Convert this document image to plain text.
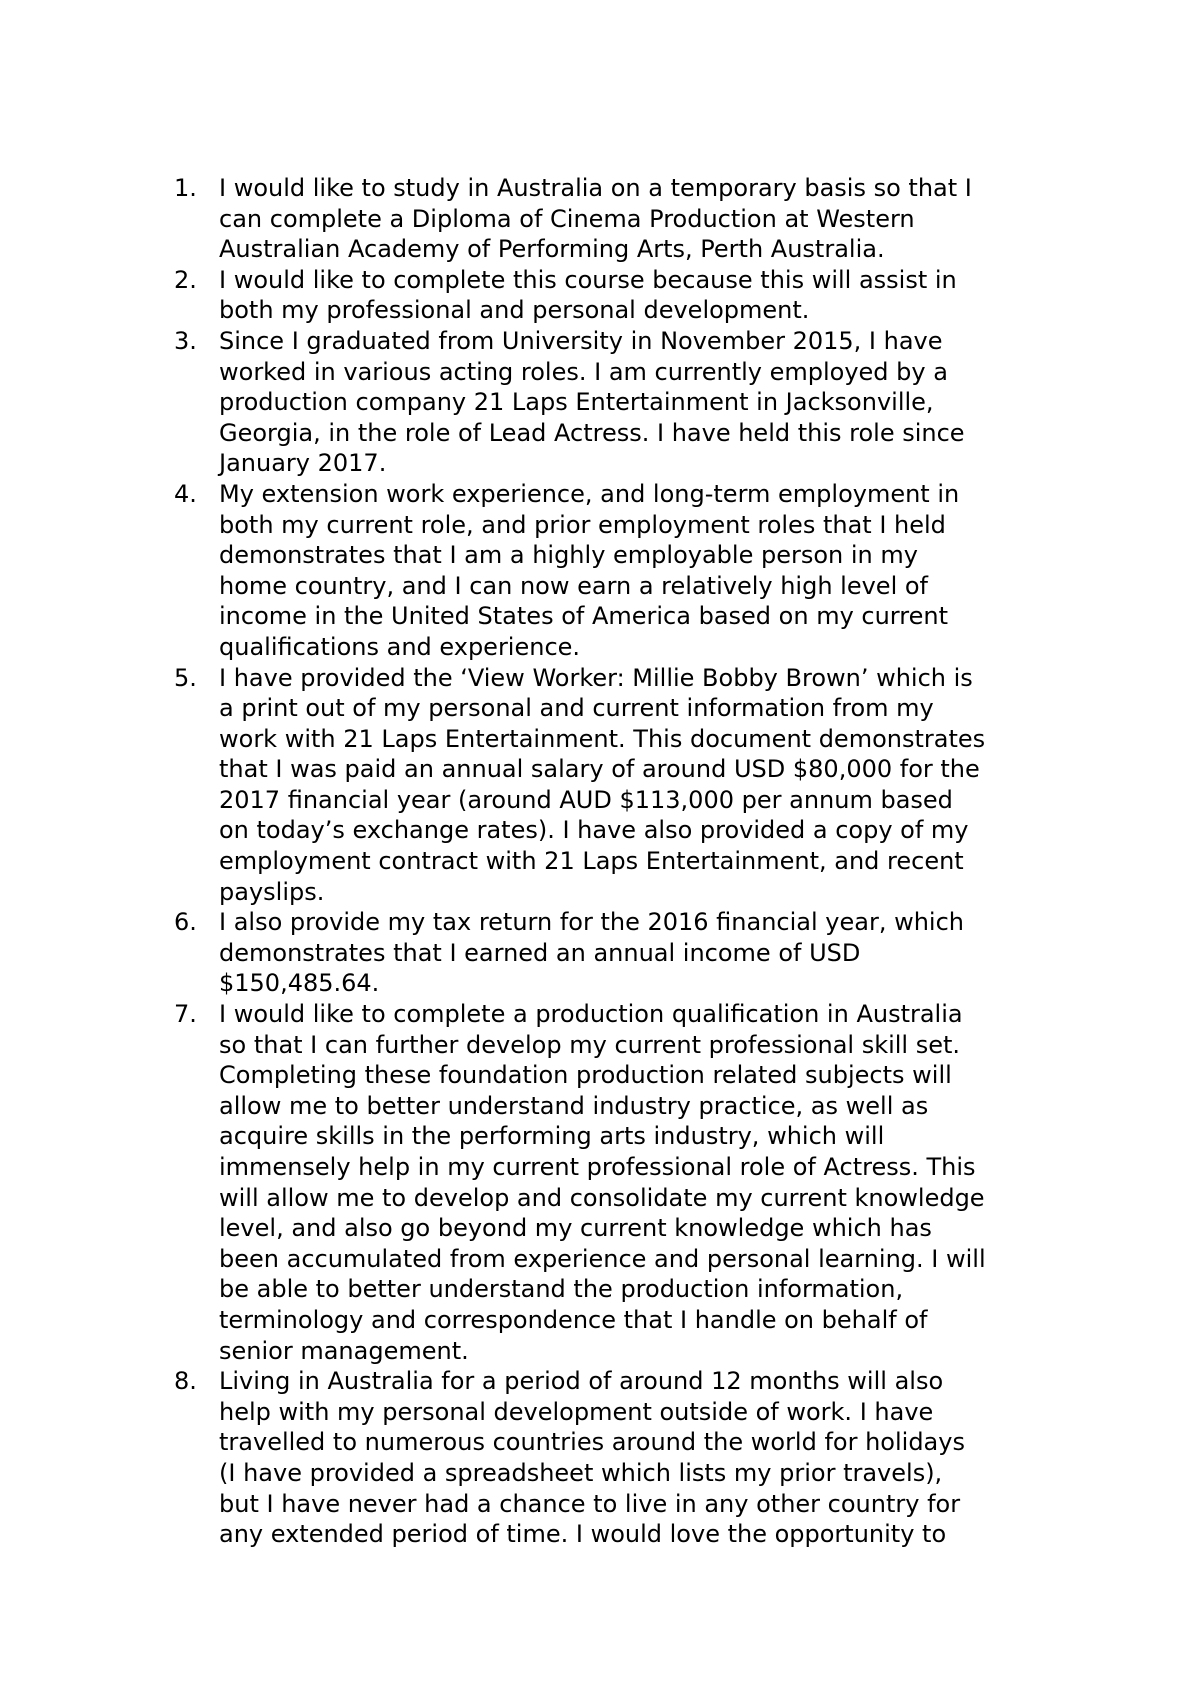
1. I would like to study in Australia on a temporary basis so that I
can complete a Diploma of Cinema Production at Western
Australian Academy of Performing Arts, Perth Australia.
2. I would like to complete this course because this will assist in
both my professional and personal development.
3. Since I graduated from University in November 2015, I have
worked in various acting roles. I am currently employed by a
production company 21 Laps Entertainment in Jacksonville,
Georgia, in the role of Lead Actress. I have held this role since
January 2017.
4. My extension work experience, and long-term employment in
both my current role, and prior employment roles that I held
demonstrates that I am a highly employable person in my
home country, and I can now earn a relatively high level of
income in the United States of America based on my current
qualifications and experience.
5. I have provided the ‘View Worker: Millie Bobby Brown’ which is
a print out of my personal and current information from my
work with 21 Laps Entertainment. This document demonstrates
that I was paid an annual salary of around USD $80,000 for the
2017 financial year (around AUD $113,000 per annum based
on today’s exchange rates). I have also provided a copy of my
employment contract with 21 Laps Entertainment, and recent
payslips.
6. I also provide my tax return for the 2016 financial year, which
demonstrates that I earned an annual income of USD
$150,485.64.
7. I would like to complete a production qualification in Australia
so that I can further develop my current professional skill set.
Completing these foundation production related subjects will
allow me to better understand industry practice, as well as
acquire skills in the performing arts industry, which will
immensely help in my current professional role of Actress. This
will allow me to develop and consolidate my current knowledge
level, and also go beyond my current knowledge which has
been accumulated from experience and personal learning. I will
be able to better understand the production information,
terminology and correspondence that I handle on behalf of
senior management.
8. Living in Australia for a period of around 12 months will also
help with my personal development outside of work. I have
travelled to numerous countries around the world for holidays
(I have provided a spreadsheet which lists my prior travels),
but I have never had a chance to live in any other country for
any extended period of time. I would love the opportunity to
